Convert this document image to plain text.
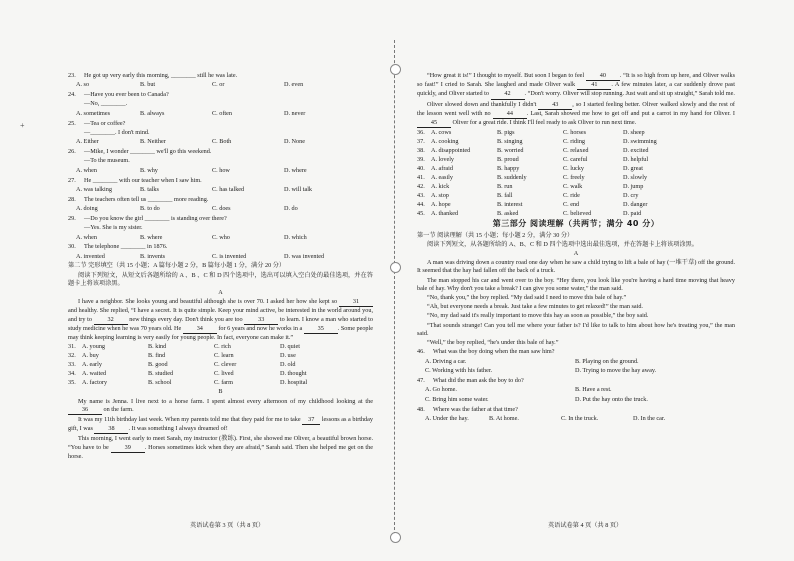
+
23. He got up very early this morning, ________ still he was late.
A. so	B. but	C. or	D. even
24. —Have you ever been to Canada?
—No, ________.
A. sometimes	B. always	C. often	D. never
25. —Tea or coffee?
—________. I don't mind.
A. Either	B. Neither	C. Both	D. None
26. —Mike, I wonder ________ we'll go this weekend.
—To the museum.
A. when	B. why	C. how	D. where
27. He ________ with our teacher when I saw him.
A. was talking	B. talks	C. has talked	D. will talk
28. The teachers often tell us ________ more reading.
A. doing	B. to do	C. does	D. do
29. —Do you know the girl ________ is standing over there?
—Yes. She is my sister.
A. when	B. where	C. who	D. which
30. The telephone ________ in 1876.
A. invented	B. invents	C. is invented	D. was invented
第二节 完形填空（共 15 小题；A 篇每小题 2 分，B 篇每小题 1 分，满分 20 分）
阅读下列短文，从短文后各题所给的 A 、B 、C 和 D 四个选项中，选出可以填入空白处的最佳选项，并在答题卡上将该项涂黑。
A
I have a neighbor. She looks young and beautiful although she is over 70. I asked her how she kept so 31 and healthy. She replied, “I have a secret. It is quite simple. Keep your mind active, be interested in the world around you, and try to 32 new things every day. Don't think you are too 33 to learn. I know a man who started to study medicine when he was 70 years old. He 34 for 6 years and now he works in a 35 . Some people may think keeping learning is very easily for young people. In fact, everyone can make it.”
31.	A. young	B. kind	C. rich	D. quiet
32.	A. buy	B. find	C. learn	D. use
33.	A. early	B. good	C. clever	D. old
34.	A. waited	B. studied	C. lived	D. thought
35.	A. factory	B. school	C. farm	D. hospital
B
My name is Jenna. I live next to a horse farm. I spent almost every afternoon of my childhood looking at the 36 on the farm.
It was my 11th birthday last week. When my parents told me that they paid for me to take 37 lessons as a birthday gift, I was 38 . It was something I always dreamed of!
This morning, I went early to meet Sarah, my instructor (教练). First, she showed me Oliver, a beautiful brown horse. “You have to be 39 . Horses sometimes kick when they are afraid,” Sarah said. Then she helped me get on the horse.
“How great it is!” I thought to myself. But soon I began to feel 40 . “It is so high from up here, and Oliver walks so fast!” I cried to Sarah. She laughed and made Oliver walk 41 . A few minutes later, a car suddenly drove past quickly, and Oliver started to 42 . “Don't worry. Oliver will stop running. Just wait and sit up straight,” Sarah told me.
Oliver slowed down and thankfully I didn't 43 , so I started feeling better. Oliver walked slowly and the rest of the lesson went well with no 44 . Last, Sarah showed me how to get off and put a carrot in my hand for Oliver. I 45 Oliver for a great ride. I think I'll feel ready to ask Oliver to run next time.
36.	A. cows	B. pigs	C. horses	D. sheep
37.	A. cooking	B. singing	C. riding	D. swimming
38.	A. disappointed	B. worried	C. relaxed	D. excited
39.	A. lovely	B. proud	C. careful	D. helpful
40.	A. afraid	B. happy	C. lucky	D. great
41.	A. easily	B. suddenly	C. freely	D. slowly
42.	A. kick	B. run	C. walk	D. jump
43.	A. stop	B. fall	C. ride	D. cry
44.	A. hope	B. interest	C. end	D. danger
45.	A. thanked	B. asked	C. believed	D. paid
第三部分 阅读理解（共两节；满分 40 分）
第一节 阅读理解（共 15 小题；每小题 2 分，满分 30 分）
阅读下列短文，从各题所给的 A、B、C 和 D 四个选项中选出最佳选项，并在答题卡上将该项涂黑。
A
A man was driving down a country road one day when he saw a child trying to lift a bale of hay (一堆干草) off the ground. It seemed that the hay had fallen off the back of a truck.
The man stopped his car and went over to the boy. “Hey there, you look like you're having a hard time moving that heavy bale of hay. Why don't you take a break? I can give you some water,” the man said.
“No, thank you,” the boy replied. “My dad said I need to move this bale of hay.”
“Ah, but everyone needs a break. Just take a few minutes to get relaxed!” the man said.
“No, my dad said it's really important to move this hay as soon as possible,” the boy said.
“That sounds strange! Can you tell me where your father is? I'd like to talk to him about how he's treating you,” the man said.
“Well,” the boy replied, “he's under this bale of hay.”
46. What was the boy doing when the man saw him?
A. Driving a car.	B. Playing on the ground.
C. Working with his father.	D. Trying to move the hay away.
47. What did the man ask the boy to do?
A. Go home.	B. Have a rest.
C. Bring him some water.	D. Put the hay onto the truck.
48. Where was the father at that time?
A. Under the hay.	B. At home.	C. In the truck.	D. In the car.
英语试卷第 3 页（共 8 页）	英语试卷第 4 页（共 8 页）
